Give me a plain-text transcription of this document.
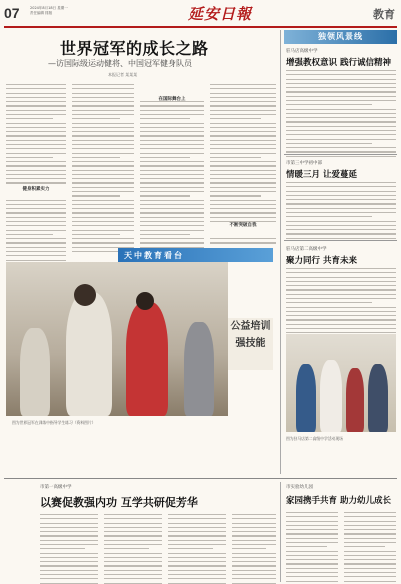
07	2024年8月18日 星期一
责任编辑 排版	延安日報	教育
世界冠军的成长之路
—访国际级运动健将、中国冠军健身队员
本报记者 某某某
健身积累实力
在国际舞台上
不断突破自我
天中教育看台
公益培训
强技能
图为世界冠军在训练中指导学生练习（资料图片）
独领风景线
驻马店高级中学
增强教权意识 践行诚信精神
市第三中学初中部
情暖三月 让爱蔓延
驻马店第二高级中学
聚力同行 共育未来
图为驻马店第二高级中学活动现场
市第一高级中学
以赛促教强内功 互学共研促芳华
市实验幼儿园
家园携手共育 助力幼儿成长
